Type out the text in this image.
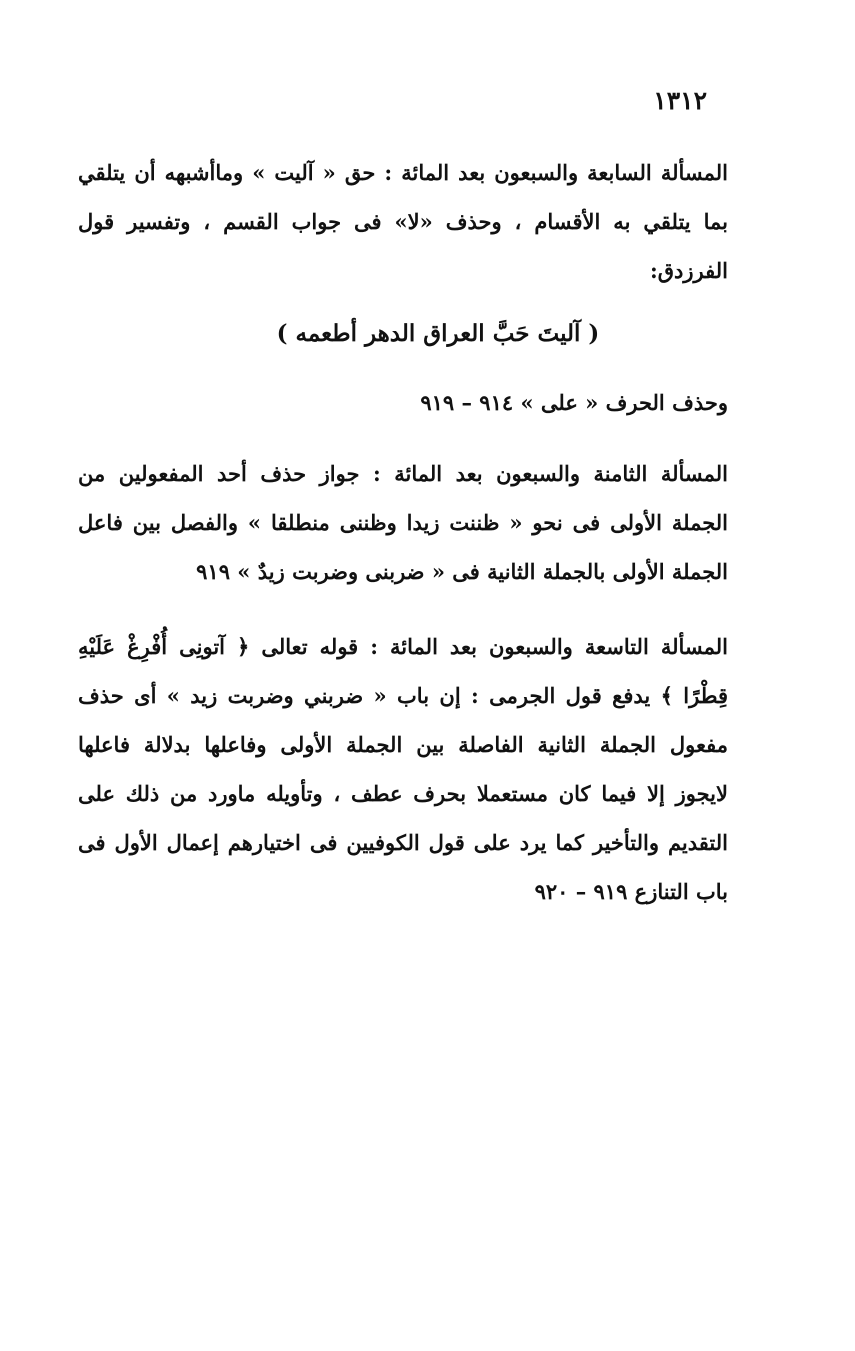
١٣١٢

المسألة السابعة والسبعون بعد المائة : حق « آليت » وماأشبهه أن يتلقي بما يتلقي به الأقسام ، وحذف «لا» فى جواب القسم ، وتفسير قول الفرزدق:

( آليتَ حَبَّ العراق الدهر أطعمه )

وحذف الحرف « على » ٩١٤ – ٩١٩

المسألة الثامنة والسبعون بعد المائة : جواز حذف أحد المفعولين من الجملة الأولى فى نحو « ظننت زيدا وظننى منطلقا » والفصل بين فاعل الجملة الأولى بالجملة الثانية فى « ضربنى وضربت زيدٌ » ٩١٩

المسألة التاسعة والسبعون بعد المائة : قوله تعالى ﴿ آتونِى أُفْرِغْ عَلَيْهِ قِطْرًا ﴾ يدفع قول الجرمى : إن باب « ضربني وضربت زيد » أى حذف مفعول الجملة الثانية الفاصلة بين الجملة الأولى وفاعلها بدلالة فاعلها لايجوز إلا فيما كان مستعملا بحرف عطف ، وتأويله ماورد من ذلك على التقديم والتأخير كما يرد على قول الكوفيين فى اختيارهم إعمال الأول فى باب التنازع ٩١٩ – ٩٢٠
